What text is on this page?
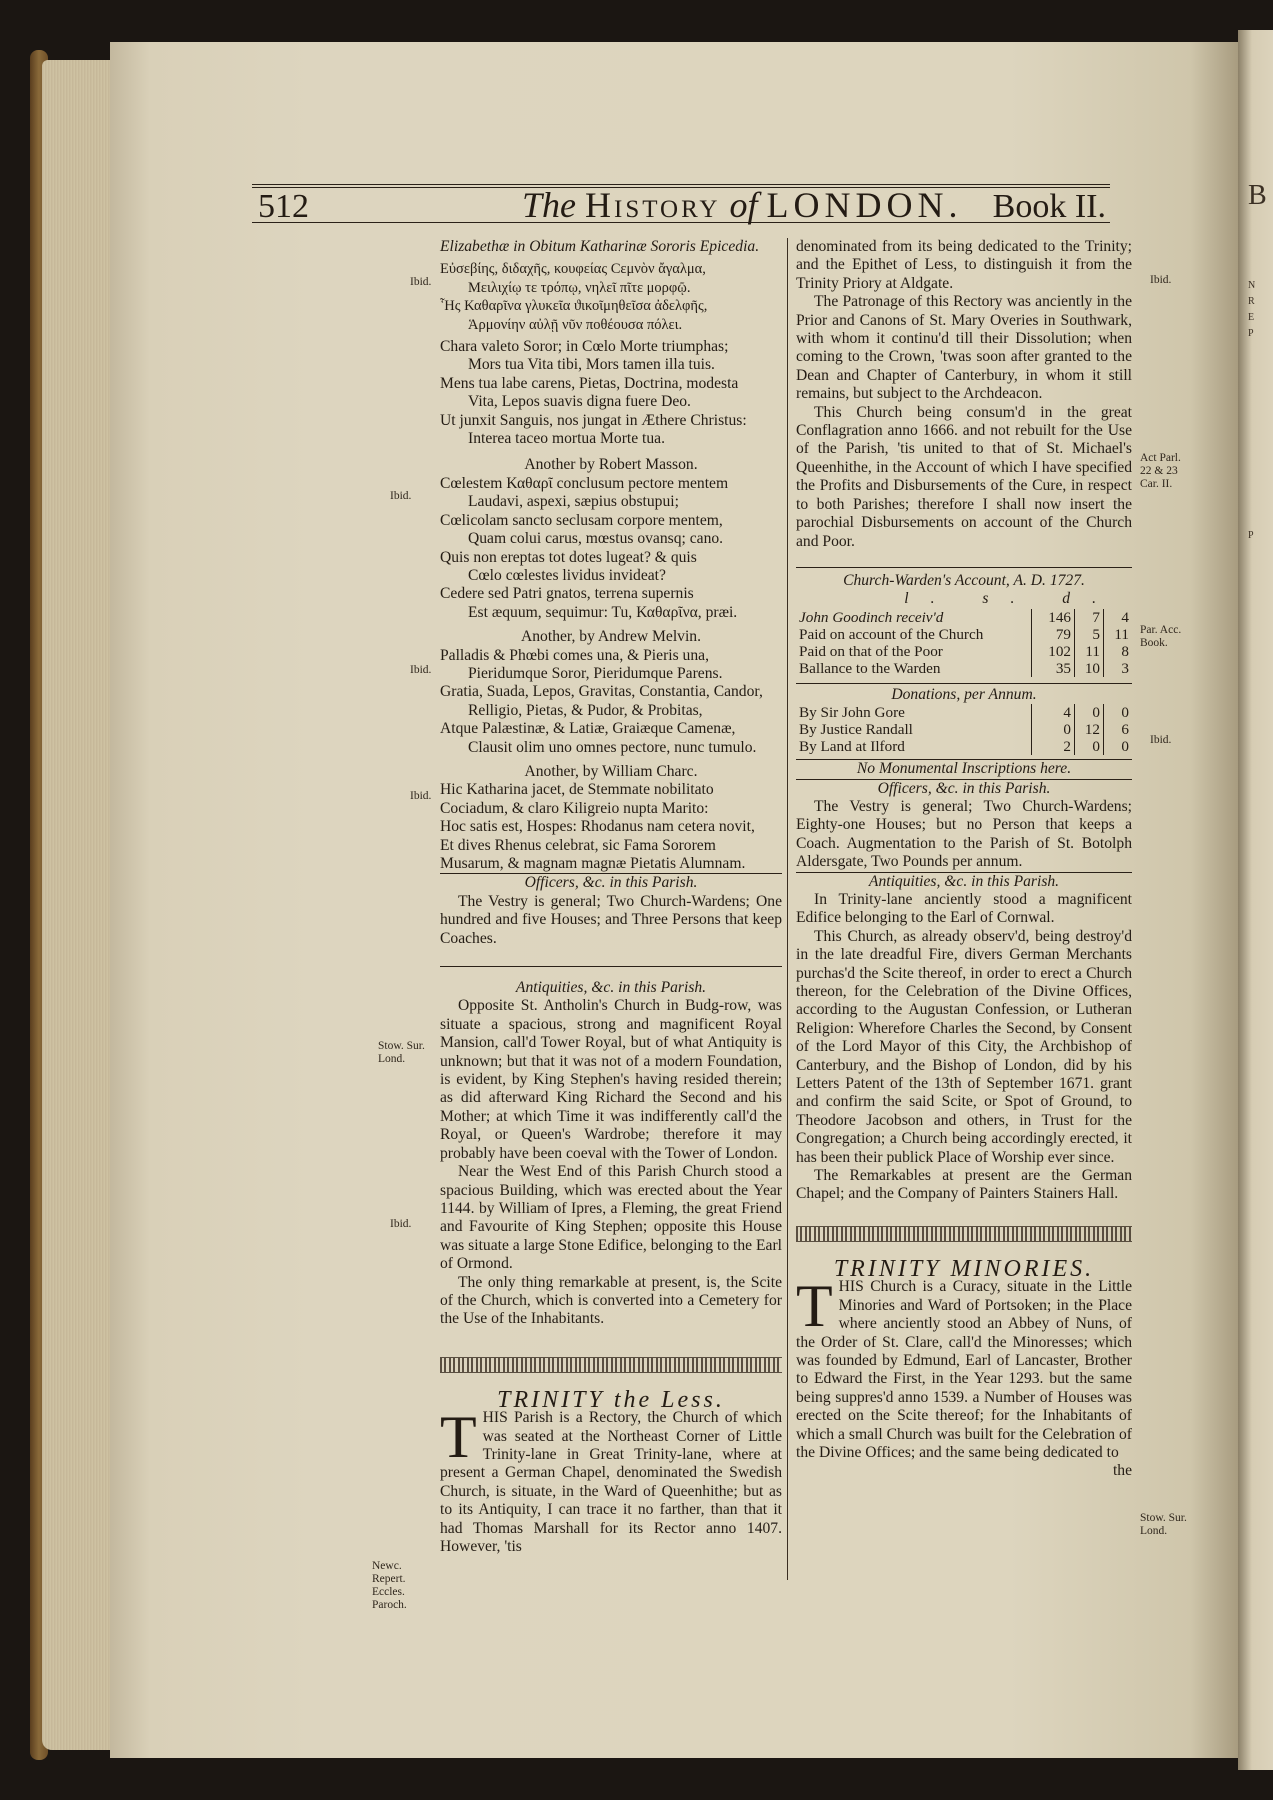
B
N
R
E
P
P
512	The History of LONDON. Book II.
Elizabethæ in Obitum Katharinæ Sororis Epicedia.
Εὐσεβίης, διδαχῆς, κουφείας Ϲεμνὸν ἄγαλμα,
Μειλιχίῳ τε τρόπῳ, νηλεῖ πῖτε μορφῷ.
Ἧς Καθαρῖνα γλυκεῖα ϑικοῖμηθεῖσα ἀδελφῆς,
Ἁρμονίην αὐλῇ νῦν ποθέουσα πόλει.
Chara valeto Soror; in Cœlo Morte triumphas;
Mors tua Vita tibi, Mors tamen illa tuis.
Mens tua labe carens, Pietas, Doctrina, modesta
Vita, Lepos suavis digna fuere Deo.
Ut junxit Sanguis, nos jungat in Æthere Christus:
Interea taceo mortua Morte tua.
Another by Robert Masson.
Cœlestem Καθαρῖ conclusum pectore mentem
Laudavi, aspexi, sæpius obstupui;
Cœlicolam sancto seclusam corpore mentem,
Quam colui carus, mœstus ovansq; cano.
Quis non ereptas tot dotes lugeat? & quis
Cœlo cœlestes lividus invideat?
Cedere sed Patri gnatos, terrena supernis
Est æquum, sequimur: Tu, Καθαρῖνα, præi.
Another, by Andrew Melvin.
Palladis & Phœbi comes una, & Pieris una,
Pieridumque Soror, Pieridumque Parens.
Gratia, Suada, Lepos, Gravitas, Constantia, Candor,
Relligio, Pietas, & Pudor, & Probitas,
Atque Palæstinæ, & Latiæ, Graiæque Camenæ,
Clausit olim uno omnes pectore, nunc tumulo.
Another, by William Charc.
Hic Katharina jacet, de Stemmate nobilitato
Cociadum, & claro Kiligreio nupta Marito:
Hoc satis est, Hospes: Rhodanus nam cetera novit,
Et dives Rhenus celebrat, sic Fama Sororem
Musarum, & magnam magnæ Pietatis Alumnam.
Officers, &c. in this Parish.
The Vestry is general; Two Church-Wardens; One hundred and five Houses; and Three Persons that keep Coaches.
Antiquities, &c. in this Parish.
Opposite St. Antholin's Church in Budg-row, was situate a spacious, strong and magnificent Royal Mansion, call'd Tower Royal, but of what Antiquity is unknown; but that it was not of a modern Foundation, is evident, by King Stephen's having resided therein; as did afterward King Richard the Second and his Mother; at which Time it was indifferently call'd the Royal, or Queen's Wardrobe; therefore it may probably have been coeval with the Tower of London.
Near the West End of this Parish Church stood a spacious Building, which was erected about the Year 1144. by William of Ipres, a Fleming, the great Friend and Favourite of King Stephen; opposite this House was situate a large Stone Edifice, belonging to the Earl of Ormond.
The only thing remarkable at present, is, the Scite of the Church, which is converted into a Cemetery for the Use of the Inhabitants.
TRINITY the Less.
T HIS Parish is a Rectory, the Church of which was seated at the Northeast Corner of Little Trinity-lane in Great Trinity-lane, where at present a German Chapel, denominated the Swedish Church, is situate, in the Ward of Queenhithe; but as to its Antiquity, I can trace it no farther, than that it had Thomas Marshall for its Rector anno 1407. However, 'tis
denominated from its being dedicated to the Trinity; and the Epithet of Less, to distinguish it from the Trinity Priory at Aldgate.
The Patronage of this Rectory was anciently in the Prior and Canons of St. Mary Overies in Southwark, with whom it continu'd till their Dissolution; when coming to the Crown, 'twas soon after granted to the Dean and Chapter of Canterbury, in whom it still remains, but subject to the Archdeacon.
This Church being consum'd in the great Conflagration anno 1666. and not rebuilt for the Use of the Parish, 'tis united to that of St. Michael's Queenhithe, in the Account of which I have specified the Profits and Disbursements of the Cure, in respect to both Parishes; therefore I shall now insert the parochial Disbursements on account of the Church and Poor.
Church-Warden's Account, A. D. 1727.
l. s. d.
John Goodinch receiv'd	146	7	4
Paid on account of the Church	79	5	11
Paid on that of the Poor	102	11	8
Ballance to the Warden	35	10	3
Donations, per Annum.
By Sir John Gore	4	0	0
By Justice Randall	0	12	6
By Land at Ilford	2	0	0
No Monumental Inscriptions here.
Officers, &c. in this Parish.
The Vestry is general; Two Church-Wardens; Eighty-one Houses; but no Person that keeps a Coach. Augmentation to the Parish of St. Botolph Aldersgate, Two Pounds per annum.
Antiquities, &c. in this Parish.
In Trinity-lane anciently stood a magnificent Edifice belonging to the Earl of Cornwal.
This Church, as already observ'd, being destroy'd in the late dreadful Fire, divers German Merchants purchas'd the Scite thereof, in order to erect a Church thereon, for the Celebration of the Divine Offices, according to the Augustan Confession, or Lutheran Religion: Wherefore Charles the Second, by Consent of the Lord Mayor of this City, the Archbishop of Canterbury, and the Bishop of London, did by his Letters Patent of the 13th of September 1671. grant and confirm the said Scite, or Spot of Ground, to Theodore Jacobson and others, in Trust for the Congregation; a Church being accordingly erected, it has been their publick Place of Worship ever since.
The Remarkables at present are the German Chapel; and the Company of Painters Stainers Hall.
TRINITY MINORIES.
T HIS Church is a Curacy, situate in the Little Minories and Ward of Portsoken; in the Place where anciently stood an Abbey of Nuns, of the Order of St. Clare, call'd the Minoresses; which was founded by Edmund, Earl of Lancaster, Brother to Edward the First, in the Year 1293. but the same being suppres'd anno 1539. a Number of Houses was erected on the Scite thereof; for the Inhabitants of which a small Church was built for the Celebration of the Divine Offices; and the same being dedicated to
the
Ibid.
Ibid.
Ibid.
Ibid.
Stow. Sur. Lond.
Ibid.
Newc. Repert. Eccles. Paroch.
Ibid.
Act Parl. 22 & 23 Car. II.
Par. Acc. Book.
Ibid.
Stow. Sur. Lond.
